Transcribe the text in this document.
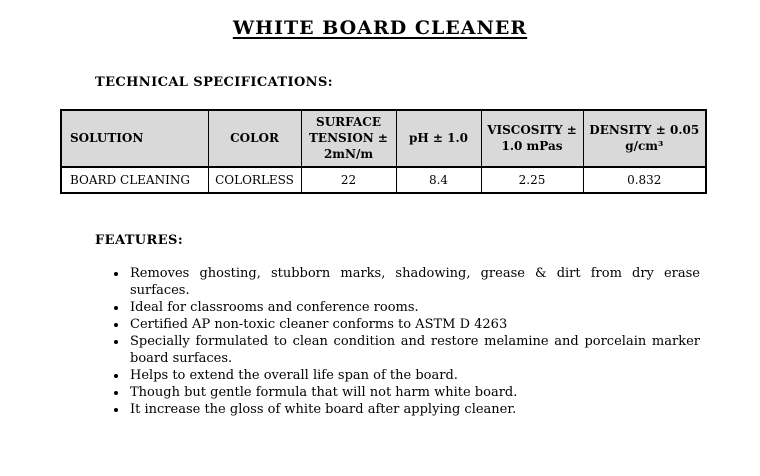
WHITE BOARD CLEANER
TECHNICAL SPECIFICATIONS:
SOLUTION	COLOR	SURFACE TENSION ± 2mN/m	pH ± 1.0	VISCOSITY ± 1.0 mPas	DENSITY ± 0.05 g/cm³
BOARD CLEANING	COLORLESS	22	8.4	2.25	0.832
FEATURES:
• Removes ghosting, stubborn marks, shadowing, grease & dirt from dry erase surfaces.
• Ideal for classrooms and conference rooms.
• Certified AP non-toxic cleaner conforms to ASTM D 4263
• Specially formulated to clean condition and restore melamine and porcelain marker board surfaces.
• Helps to extend the overall life span of the board.
• Though but gentle formula that will not harm white board.
• It increase the gloss of white board after applying cleaner.
